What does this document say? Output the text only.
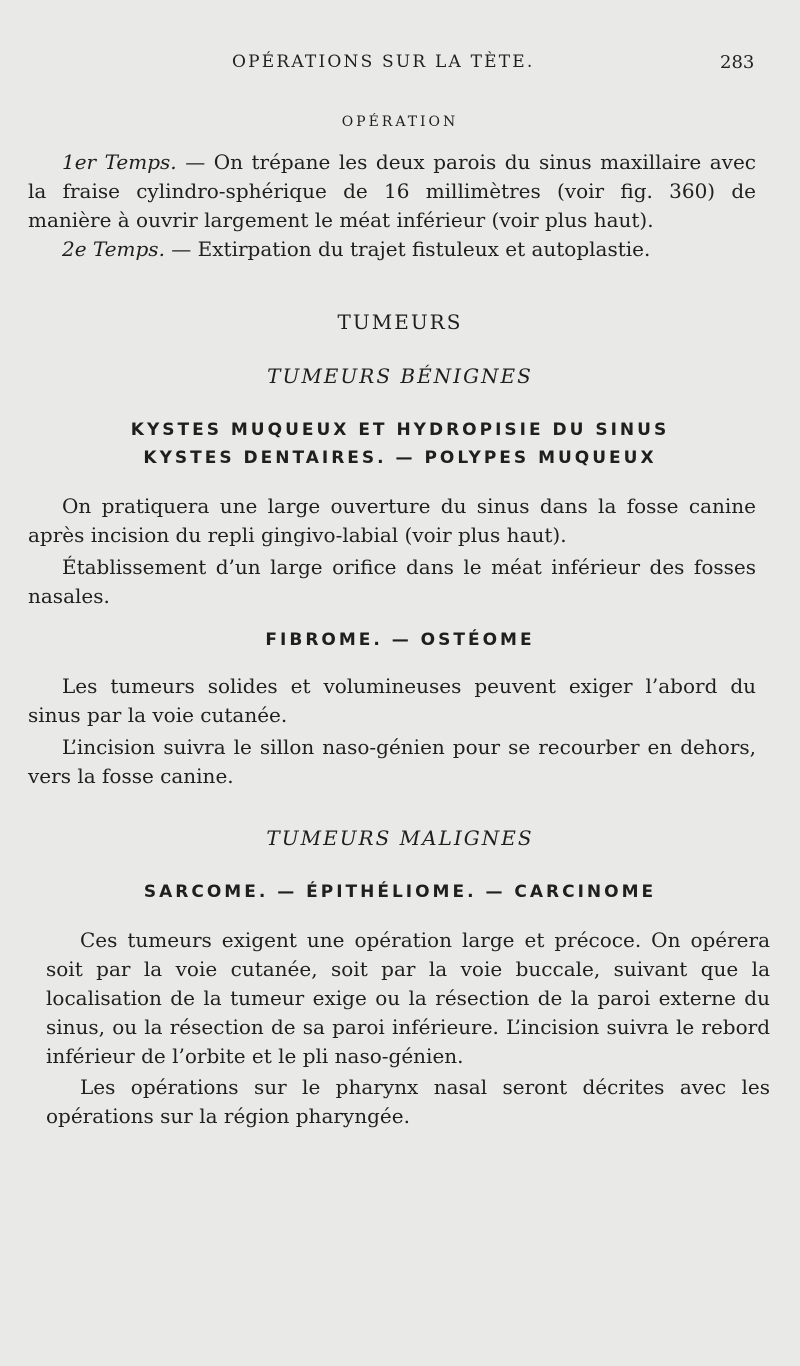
OPÉRATIONS SUR LA TÈTE.	283
OPÉRATION
1er Temps. — On trépane les deux parois du sinus maxillaire avec la fraise cylindro-sphérique de 16 millimètres (voir fig. 360) de manière à ouvrir largement le méat inférieur (voir plus haut).
2e Temps. — Extirpation du trajet fistuleux et autoplastie.
TUMEURS
TUMEURS BÉNIGNES
KYSTES MUQUEUX ET HYDROPISIE DU SINUS
KYSTES DENTAIRES. — POLYPES MUQUEUX
On pratiquera une large ouverture du sinus dans la fosse canine après incision du repli gingivo-labial (voir plus haut).
Établissement d’un large orifice dans le méat inférieur des fosses nasales.
FIBROME. — OSTÉOME
Les tumeurs solides et volumineuses peuvent exiger l’abord du sinus par la voie cutanée.
L’incision suivra le sillon naso-génien pour se recourber en dehors, vers la fosse canine.
TUMEURS MALIGNES
SARCOME. — ÉPITHÉLIOME. — CARCINOME
Ces tumeurs exigent une opération large et précoce. On opérera soit par la voie cutanée, soit par la voie buccale, suivant que la localisation de la tumeur exige ou la résection de la paroi externe du sinus, ou la résection de sa paroi inférieure. L’incision suivra le rebord inférieur de l’orbite et le pli naso-génien.
Les opérations sur le pharynx nasal seront décrites avec les opérations sur la région pharyngée.
